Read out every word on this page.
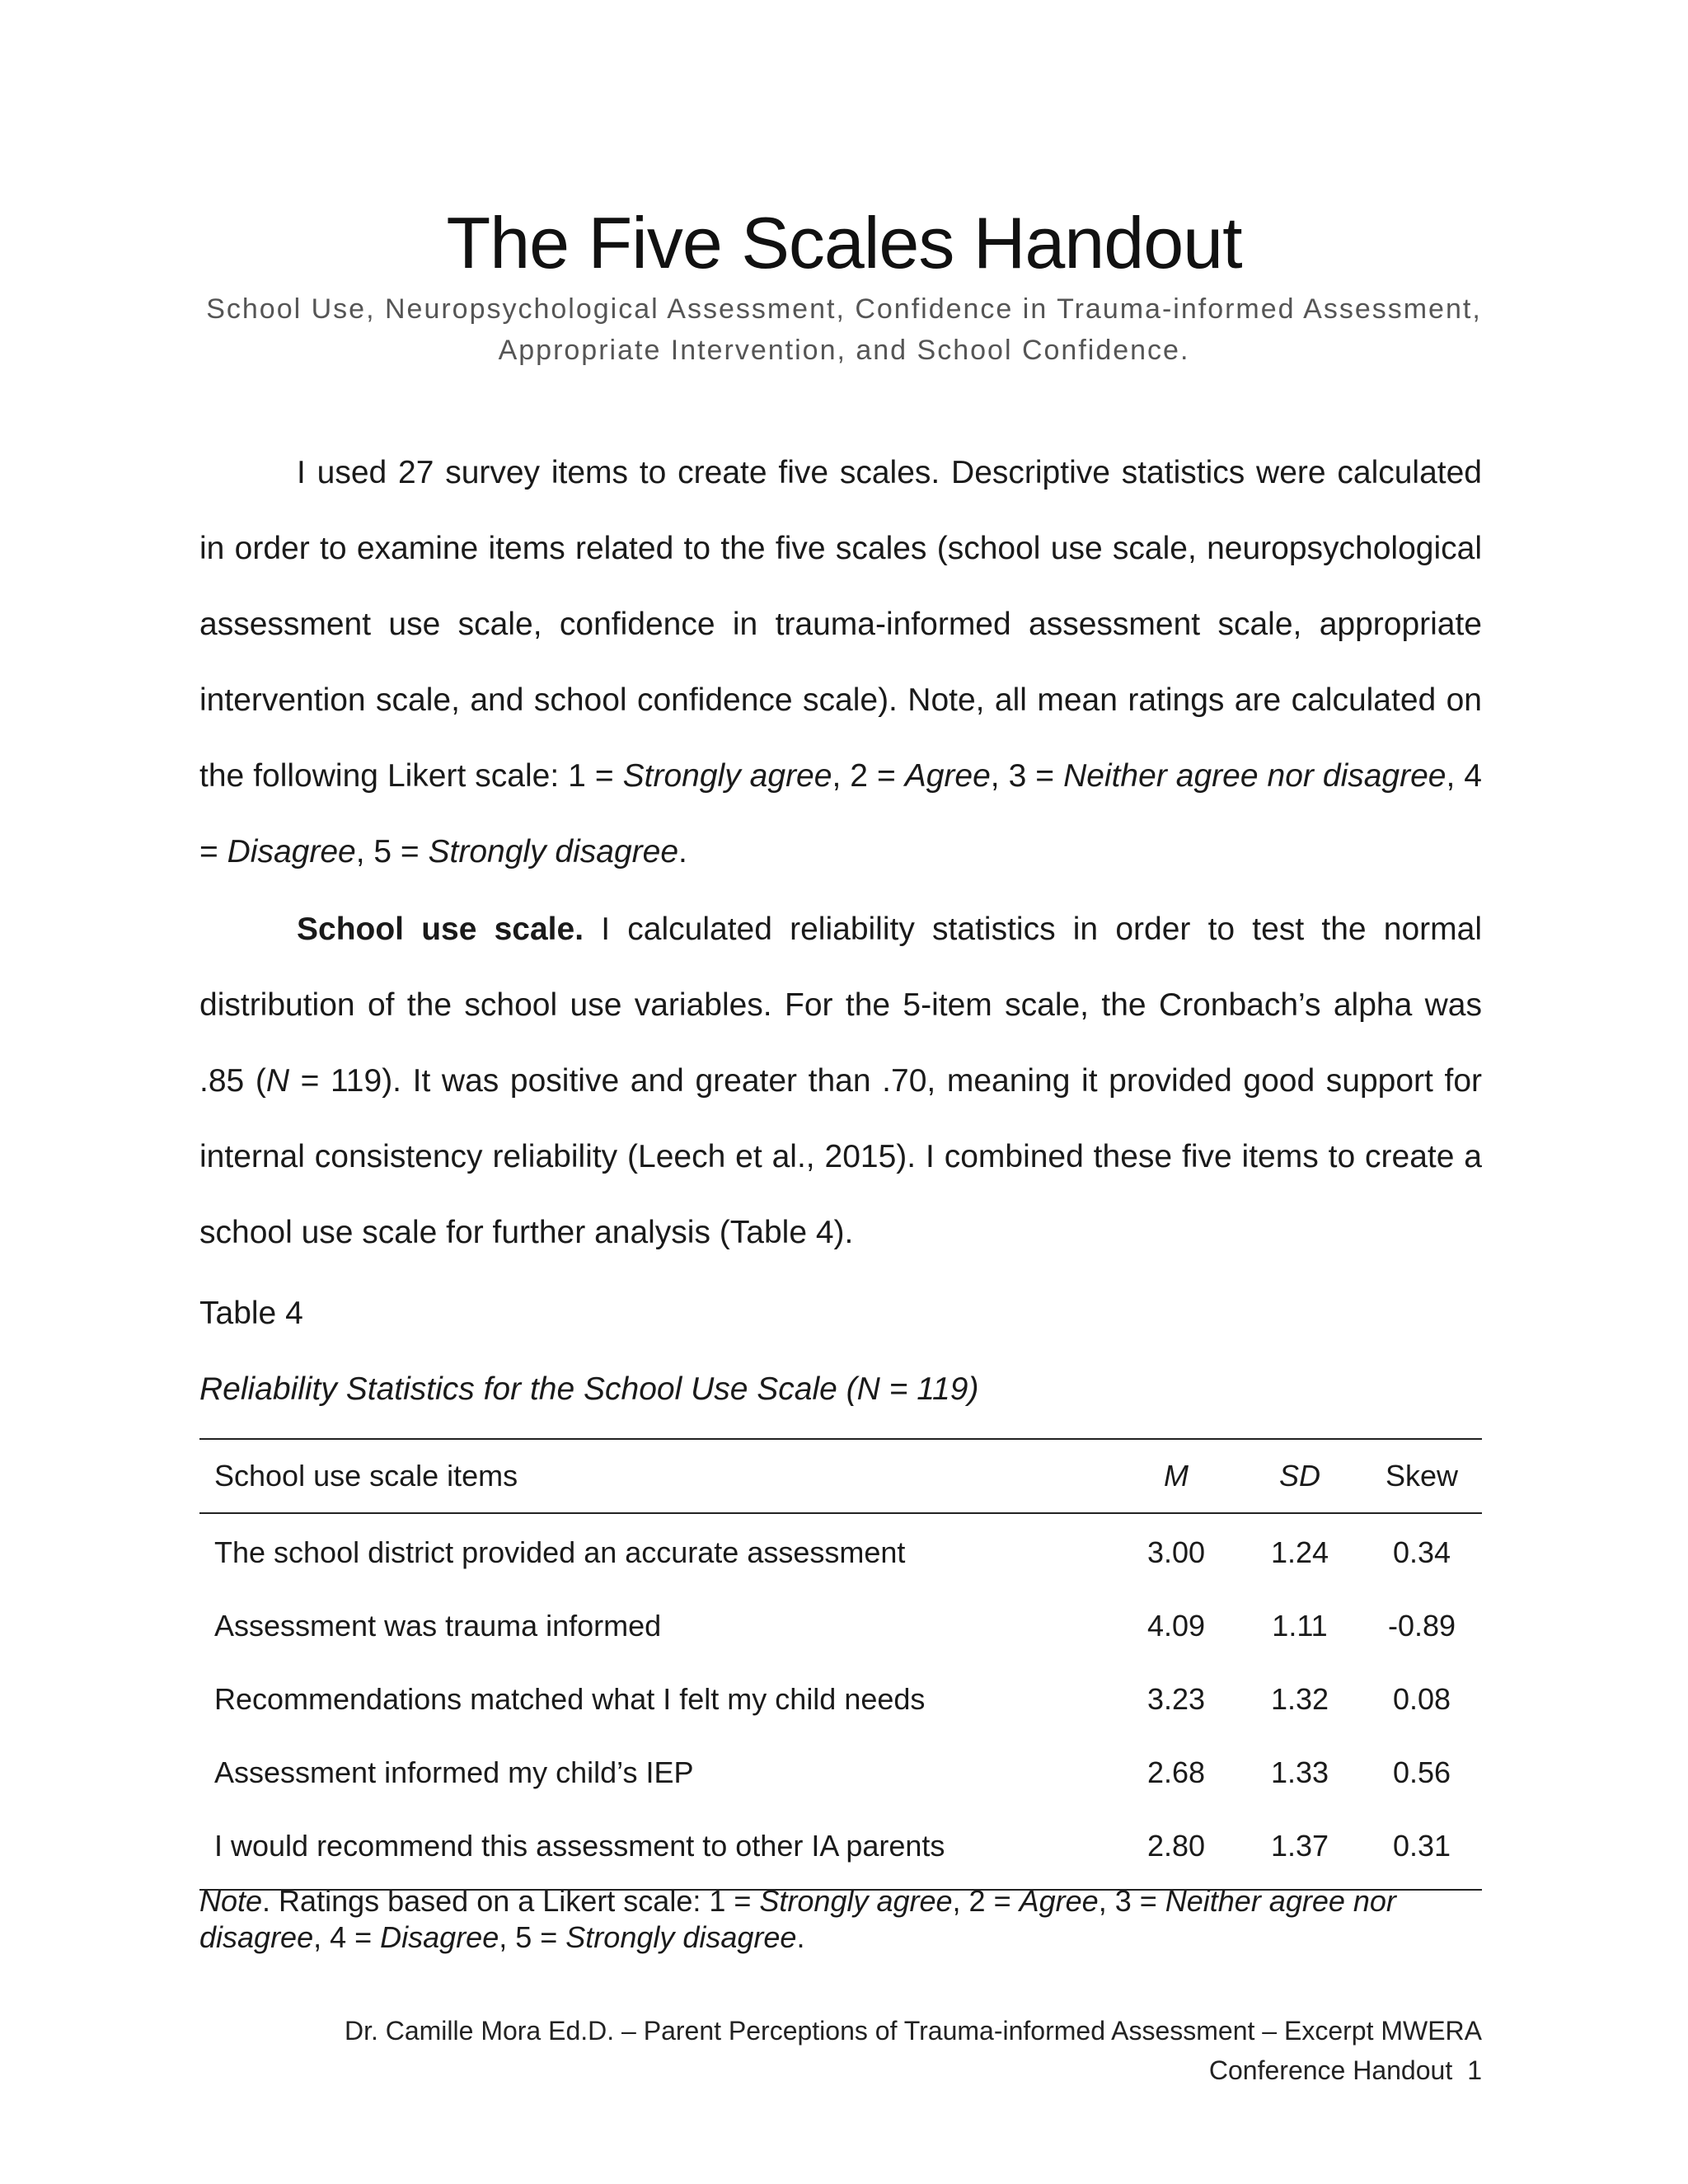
The Five Scales Handout
School Use, Neuropsychological Assessment, Confidence in Trauma-informed Assessment, Appropriate Intervention, and School Confidence.
I used 27 survey items to create five scales. Descriptive statistics were calculated in order to examine items related to the five scales (school use scale, neuropsychological assessment use scale, confidence in trauma-informed assessment scale, appropriate intervention scale, and school confidence scale). Note, all mean ratings are calculated on the following Likert scale: 1 = Strongly agree, 2 = Agree, 3 = Neither agree nor disagree, 4 = Disagree, 5 = Strongly disagree.
School use scale. I calculated reliability statistics in order to test the normal distribution of the school use variables. For the 5-item scale, the Cronbach’s alpha was .85 (N = 119). It was positive and greater than .70, meaning it provided good support for internal consistency reliability (Leech et al., 2015). I combined these five items to create a school use scale for further analysis (Table 4).
Table 4
Reliability Statistics for the School Use Scale (N = 119)
School use scale items	M	SD	Skew
The school district provided an accurate assessment	3.00	1.24	0.34
Assessment was trauma informed	4.09	1.11	-0.89
Recommendations matched what I felt my child needs	3.23	1.32	0.08
Assessment informed my child’s IEP	2.68	1.33	0.56
I would recommend this assessment to other IA parents	2.80	1.37	0.31
Note. Ratings based on a Likert scale: 1 = Strongly agree, 2 = Agree, 3 = Neither agree nor disagree, 4 = Disagree, 5 = Strongly disagree.
Dr. Camille Mora Ed.D. – Parent Perceptions of Trauma-informed Assessment – Excerpt MWERA
Conference Handout 1
